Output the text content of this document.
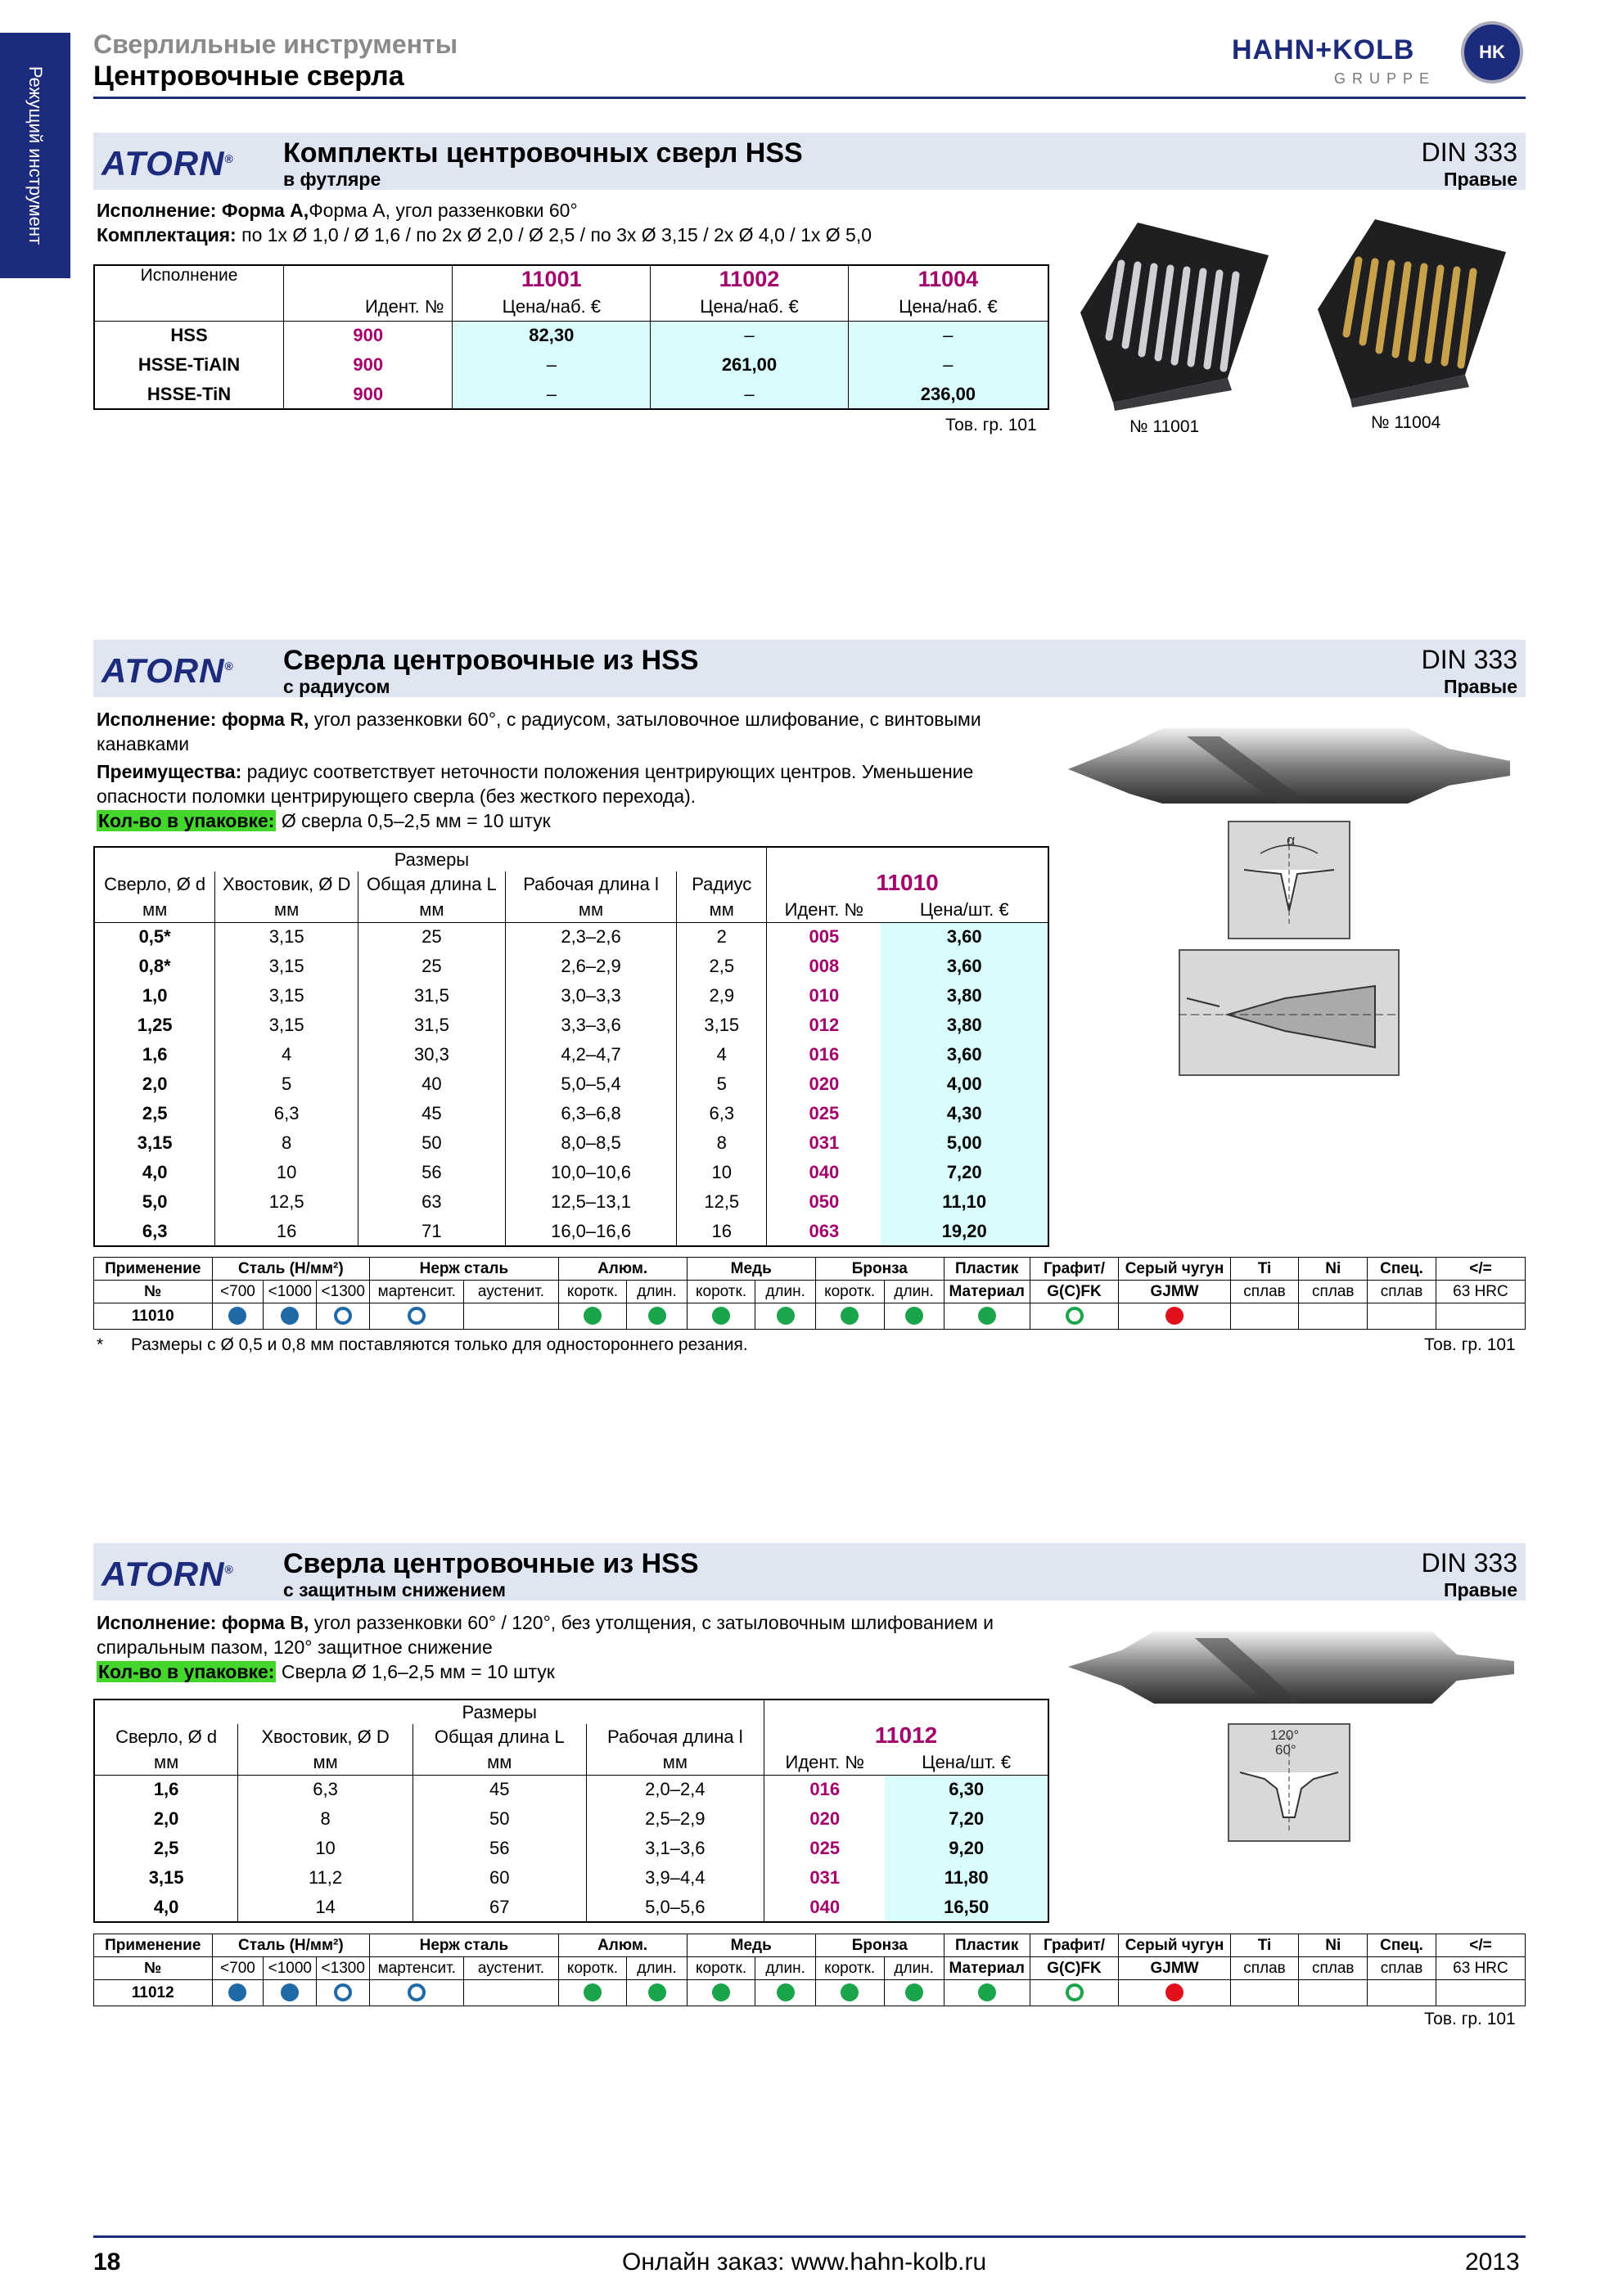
Режущий инструмент
Сверлильные инструменты
Центровочные сверла
HAHN+KOLB
GRUPPE
HK
ATORN® Комплекты центровочных сверл HSS
в футляре
DIN 333
Правые
Исполнение: Форма А,Форма А, угол раззенковки 60°
Комплектация: по 1x Ø 1,0 / Ø 1,6 / по 2x Ø 2,0 / Ø 2,5 / по 3x Ø 3,15 / 2x Ø 4,0 / 1x Ø 5,0
Исполнение		11001	11002	11004
	Идент. №	Цена/наб. €	Цена/наб. €	Цена/наб. €
HSS	900	82,30	–	–
HSSE-TiAlN	900	–	261,00	–
HSSE-TiN	900	–	–	236,00
Тов. гр. 101	№ 11001	№ 11004
ATORN® Сверла центровочные из HSS
с радиусом
DIN 333
Правые
Исполнение: форма R, угол раззенковки 60°, с радиусом, затыловочное шлифование, с винтовыми канавками
Преимущества: радиус соответствует неточности положения центрирующих центров. Уменьшение опасности поломки центрирующего сверла (без жесткого перехода).
Кол-во в упаковке: Ø сверла 0,5–2,5 мм = 10 штук
		Размеры			11010	
Сверло, Ø d	Хвостовик, Ø D	Общая длина L	Рабочая длина l	Радиус		
мм	мм	мм	мм	мм	Идент. №	Цена/шт. €
0,5*	3,15	25	2,3–2,6	2	005	3,60
0,8*	3,15	25	2,6–2,9	2,5	008	3,60
1,0	3,15	31,5	3,0–3,3	2,9	010	3,80
1,25	3,15	31,5	3,3–3,6	3,15	012	3,80
1,6	4	30,3	4,2–4,7	4	016	3,60
2,0	5	40	5,0–5,4	5	020	4,00
2,5	6,3	45	6,3–6,8	6,3	025	4,30
3,15	8	50	8,0–8,5	8	031	5,00
4,0	10	56	10,0–10,6	10	040	7,20
5,0	12,5	63	12,5–13,1	12,5	050	11,10
6,3	16	71	16,0–16,6	16	063	19,20
α
Применение	Сталь (Н/мм²)			Нерж сталь		Алюм.		Медь		Бронза		Пластик	Графит/	Серый чугун	Ti	Ni	Спец.	</=
№	<700	<1000	<1300	мартенсит.	аустенит.	коротк.	длин.	коротк.	длин.	коротк.	длин.	Материал	G(C)FK	GJMW	сплав	сплав	сплав	63 HRC
11010																		
* Размеры с Ø 0,5 и 0,8 мм поставляются только для одностороннего резания.	Тов. гр. 101
ATORN® Сверла центровочные из HSS
с защитным снижением
DIN 333
Правые
Исполнение: форма B, угол раззенковки 60° / 120°, без утолщения, с затыловочным шлифованием и спиральным пазом, 120° защитное снижение
Кол-во в упаковке: Сверла Ø 1,6–2,5 мм = 10 штук
		Размеры		11012	
Сверло, Ø d	Хвостовик, Ø D	Общая длина L	Рабочая длина l		
мм	мм	мм	мм	Идент. №	Цена/шт. €
1,6	6,3	45	2,0–2,4	016	6,30
2,0	8	50	2,5–2,9	020	7,20
2,5	10	56	3,1–3,6	025	9,20
3,15	11,2	60	3,9–4,4	031	11,80
4,0	14	67	5,0–5,6	040	16,50
120°
60°
Применение	Сталь (Н/мм²)			Нерж сталь		Алюм.		Медь		Бронза		Пластик	Графит/	Серый чугун	Ti	Ni	Спец.	</=
№	<700	<1000	<1300	мартенсит.	аустенит.	коротк.	длин.	коротк.	длин.	коротк.	длин.	Материал	G(C)FK	GJMW	сплав	сплав	сплав	63 HRC
11012																		
Тов. гр. 101
18	Онлайн заказ: www.hahn-kolb.ru	2013
